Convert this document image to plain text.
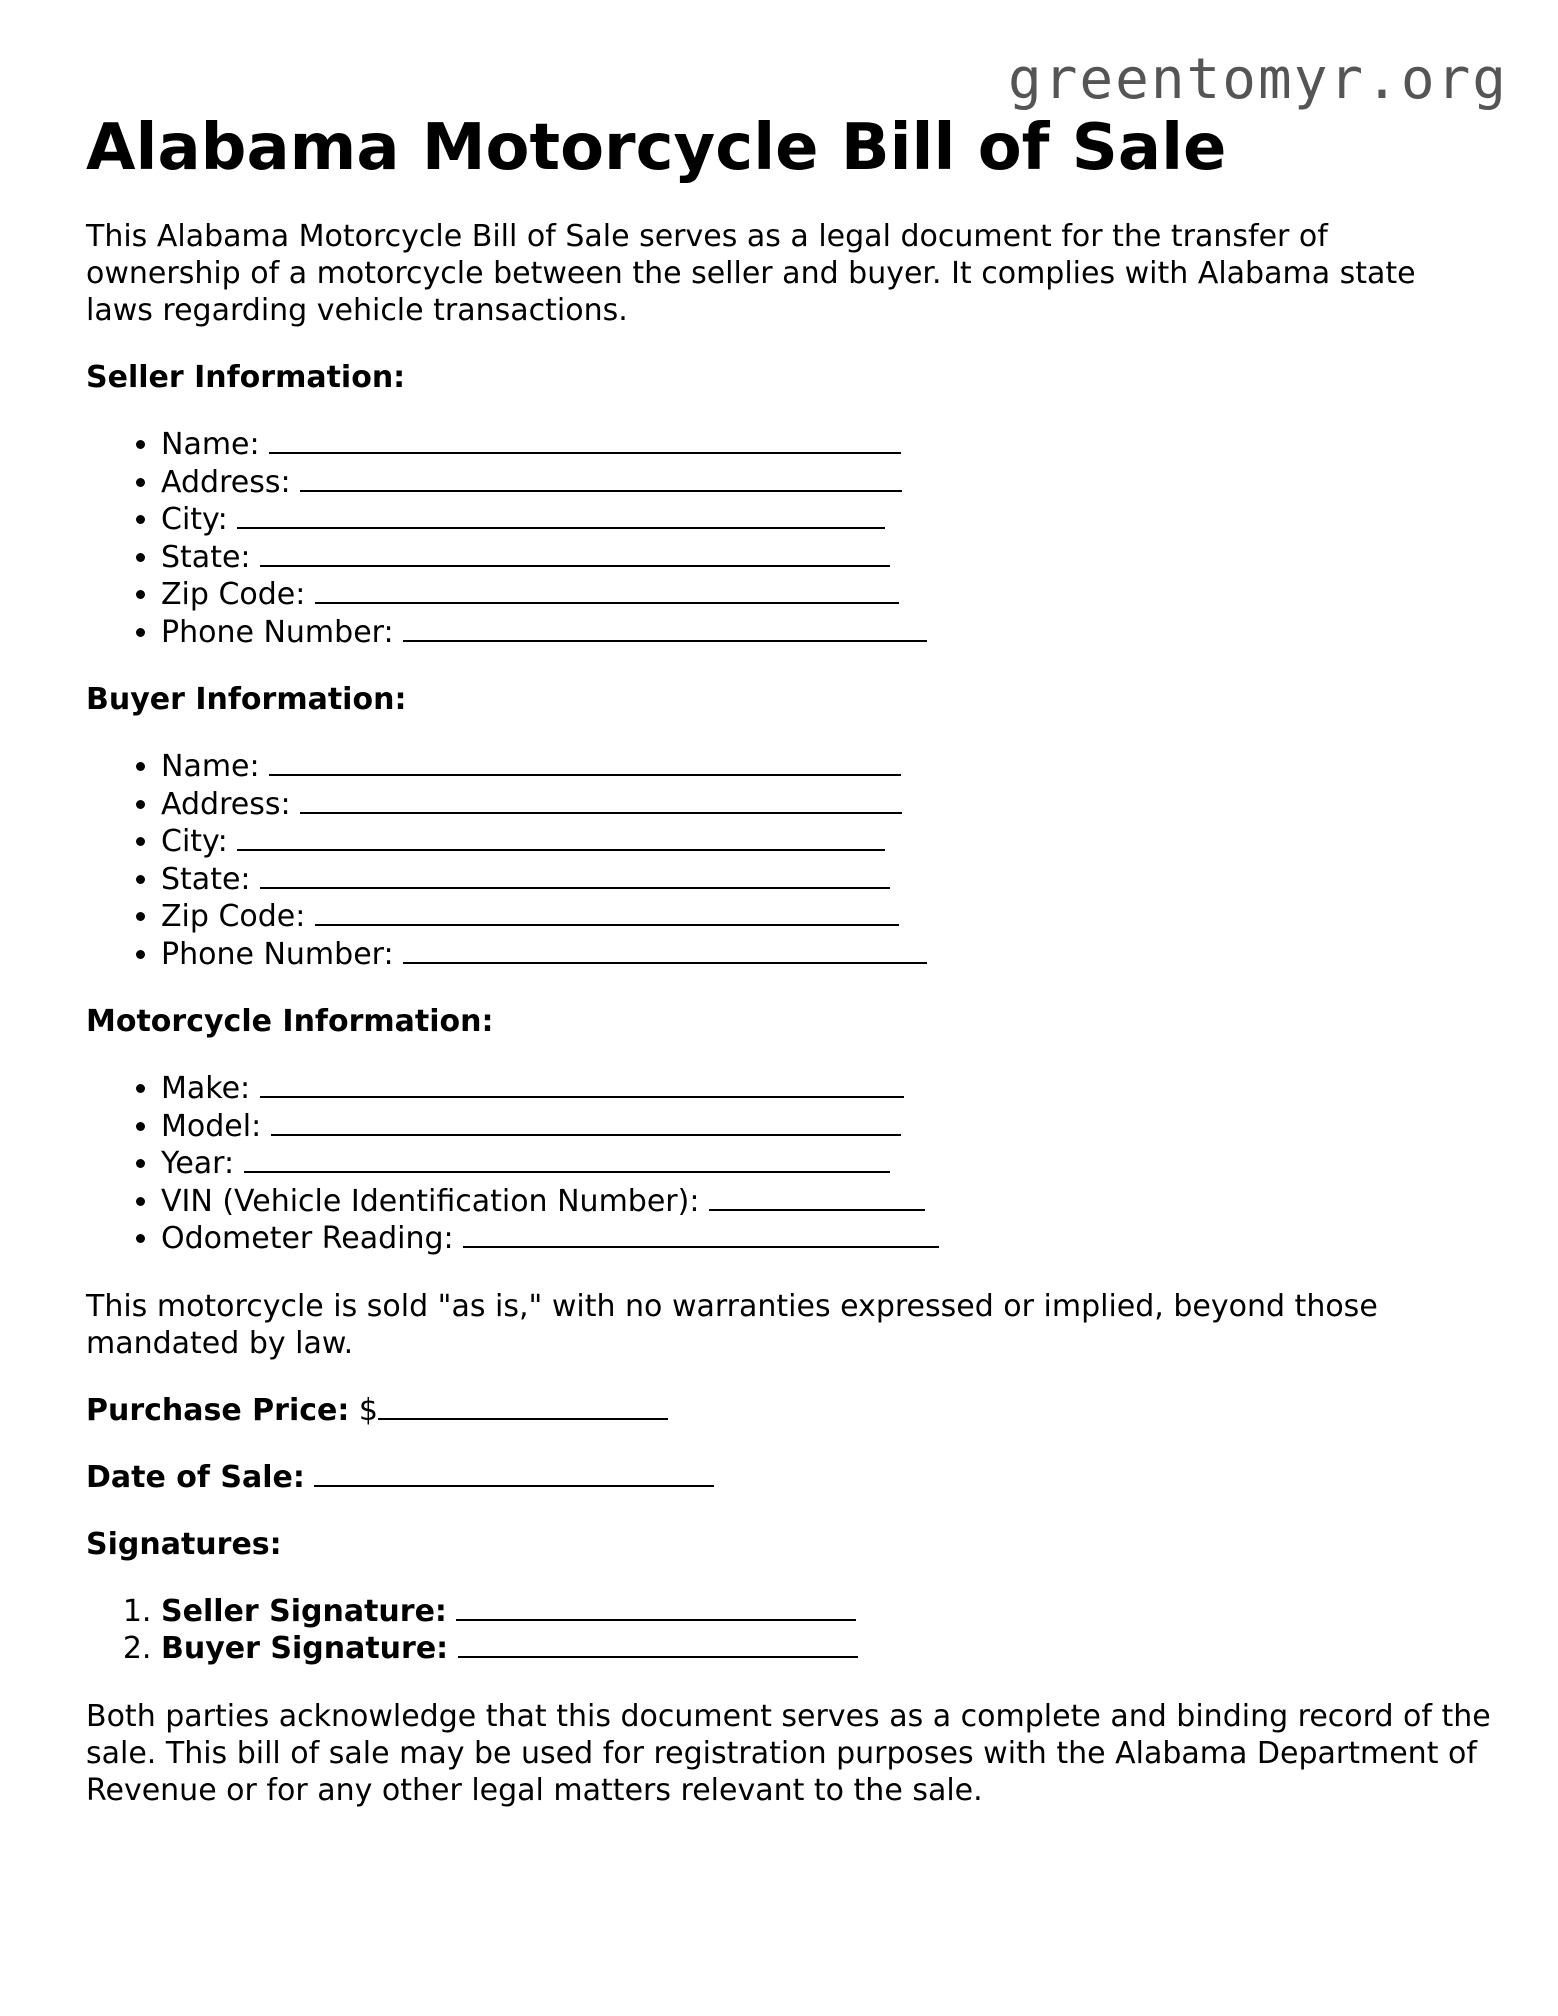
greentomyr.org
Alabama Motorcycle Bill of Sale

This Alabama Motorcycle Bill of Sale serves as a legal document for the transfer of ownership of a motorcycle between the seller and buyer. It complies with Alabama state laws regarding vehicle transactions.

Seller Information:
• Name:
• Address:
• City:
• State:
• Zip Code:
• Phone Number:
Buyer Information:
• Name:
• Address:
• City:
• State:
• Zip Code:
• Phone Number:
Motorcycle Information:
• Make:
• Model:
• Year:
• VIN (Vehicle Identification Number):
• Odometer Reading:

This motorcycle is sold "as is," with no warranties expressed or implied, beyond those mandated by law.

Purchase Price: $
Date of Sale:
Signatures:
1. Seller Signature:
2. Buyer Signature:

Both parties acknowledge that this document serves as a complete and binding record of the sale. This bill of sale may be used for registration purposes with the Alabama Department of Revenue or for any other legal matters relevant to the sale.
